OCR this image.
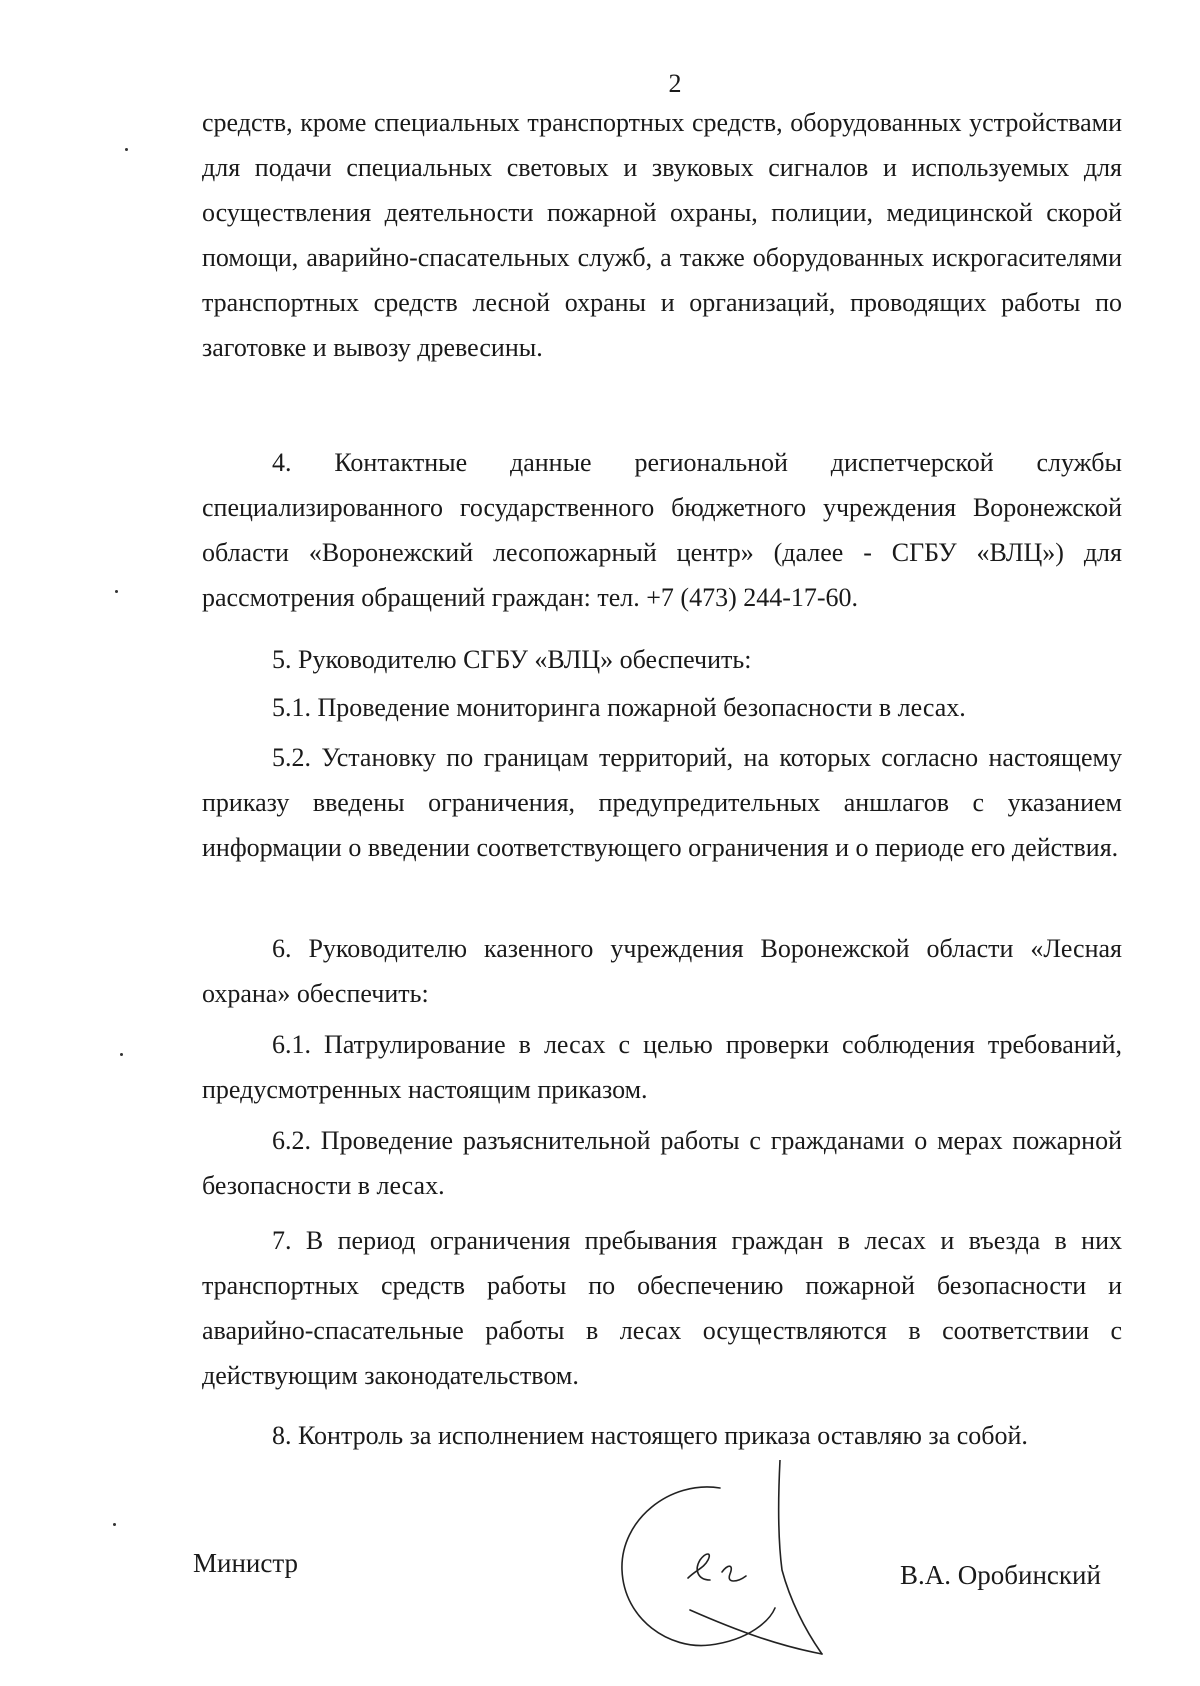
2

средств, кроме специальных транспортных средств, оборудованных устройствами для подачи специальных световых и звуковых сигналов и используемых для осуществления деятельности пожарной охраны, полиции, медицинской скорой помощи, аварийно-спасательных служб, а также оборудованных искрогасителями транспортных средств лесной охраны и организаций, проводящих работы по заготовке и вывозу древесины.

4. Контактные данные региональной диспетчерской службы специализированного государственного бюджетного учреждения Воронежской области «Воронежский лесопожарный центр» (далее - СГБУ «ВЛЦ») для рассмотрения обращений граждан: тел. +7 (473) 244-17-60.

5. Руководителю СГБУ «ВЛЦ» обеспечить:

5.1. Проведение мониторинга пожарной безопасности в лесах.

5.2. Установку по границам территорий, на которых согласно настоящему приказу введены ограничения, предупредительных аншлагов с указанием информации о введении соответствующего ограничения и о периоде его действия.

6. Руководителю казенного учреждения Воронежской области «Лесная охрана» обеспечить:

6.1. Патрулирование в лесах с целью проверки соблюдения требований, предусмотренных настоящим приказом.

6.2. Проведение разъяснительной работы с гражданами о мерах пожарной безопасности в лесах.

7. В период ограничения пребывания граждан в лесах и въезда в них транспортных средств работы по обеспечению пожарной безопасности и аварийно-спасательные работы в лесах осуществляются в соответствии с действующим законодательством.

8. Контроль за исполнением настоящего приказа оставляю за собой.

Министр	В.А. Оробинский
